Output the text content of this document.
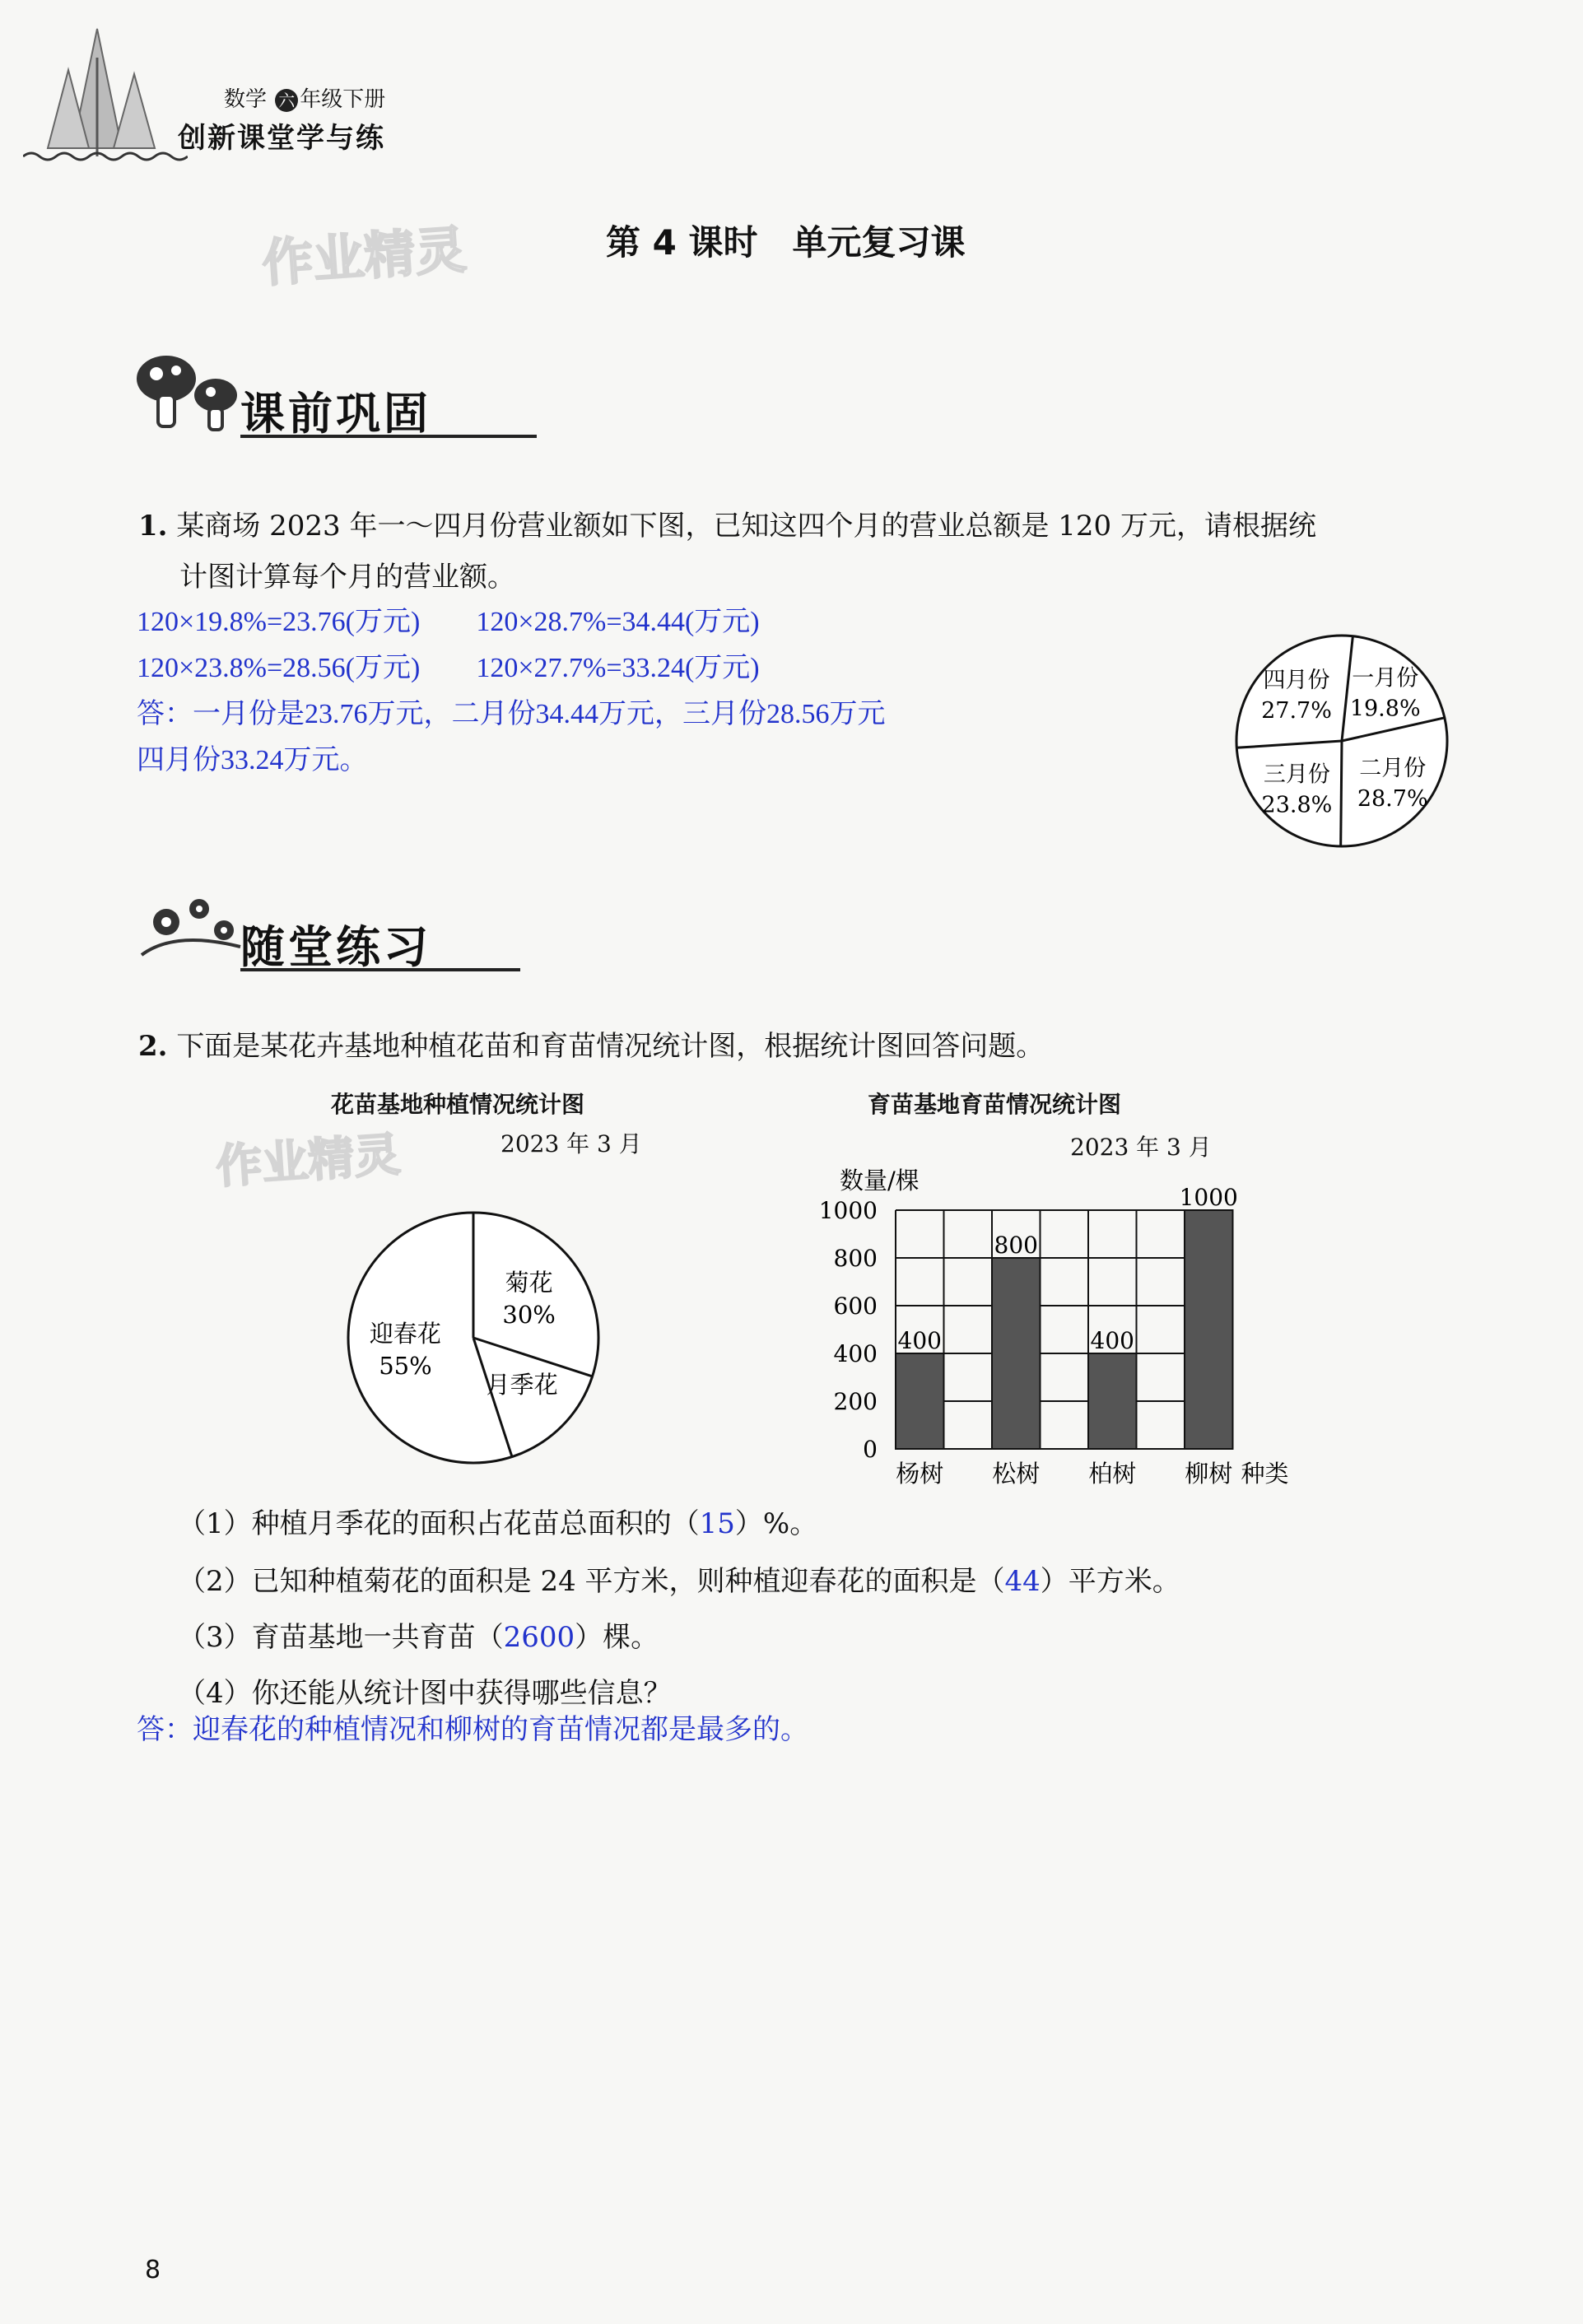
数学 六 年级下册
创新课堂学与练
作业精灵	第 4 课时　单元复习课
课前巩固
1. 某商场 2023 年一～四月份营业额如下图，已知这四个月的营业总额是 120 万元，请根据统
计图计算每个月的营业额。
120×19.8%=23.76(万元)　　120×28.7%=34.44(万元)
120×23.8%=28.56(万元)　　120×27.7%=33.24(万元)
答：一月份是23.76万元，二月份34.44万元，三月份28.56万元
四月份33.24万元。
一月份
19.8%
二月份
28.7%
三月份
23.8%
四月份
27.7%
随堂练习
2. 下面是某花卉基地种植花苗和育苗情况统计图，根据统计图回答问题。
花苗基地种植情况统计图
2023 年 3 月
作业精灵
菊花
30%
月季花
迎春花
55%
育苗基地育苗情况统计图
2023 年 3 月
数量/棵
0
200
400
600
800
1000
400
杨树
800
松树
400
柏树
1000
柳树 种类
（1）种植月季花的面积占花苗总面积的（15）%。
（2）已知种植菊花的面积是 24 平方米，则种植迎春花的面积是（44）平方米。
（3）育苗基地一共育苗（2600）棵。
（4）你还能从统计图中获得哪些信息？
答：迎春花的种植情况和柳树的育苗情况都是最多的。
8
